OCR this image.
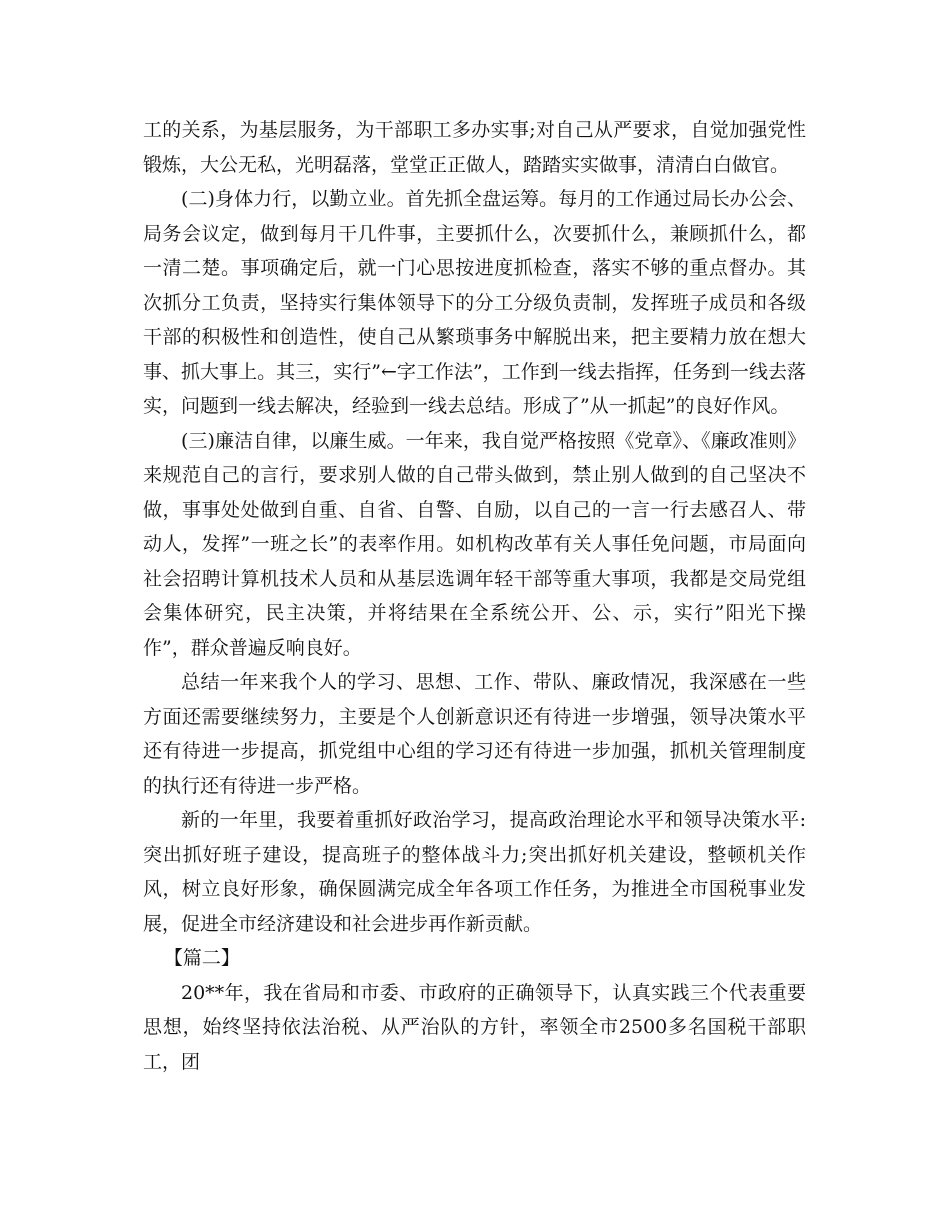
工的关系，为基层服务，为干部职工多办实事;对自己从严要求，自觉加强党性锻炼，大公无私，光明磊落，堂堂正正做人，踏踏实实做事，清清白白做官。

(二)身体力行，以勤立业。首先抓全盘运筹。每月的工作通过局长办公会、局务会议定，做到每月干几件事，主要抓什么，次要抓什么，兼顾抓什么，都一清二楚。事项确定后，就一门心思按进度抓检查，落实不够的重点督办。其次抓分工负责，坚持实行集体领导下的分工分级负责制，发挥班子成员和各级干部的积极性和创造性，使自己从繁琐事务中解脱出来，把主要精力放在想大事、抓大事上。其三，实行”←字工作法”，工作到一线去指挥，任务到一线去落实，问题到一线去解决，经验到一线去总结。形成了”从一抓起”的良好作风。

(三)廉洁自律，以廉生威。一年来，我自觉严格按照《党章》、《廉政准则》来规范自己的言行，要求别人做的自己带头做到，禁止别人做到的自己坚决不做，事事处处做到自重、自省、自警、自励，以自己的一言一行去感召人、带动人，发挥”一班之长”的表率作用。如机构改革有关人事任免问题，市局面向社会招聘计算机技术人员和从基层选调年轻干部等重大事项，我都是交局党组会集体研究，民主决策，并将结果在全系统公开、公、示，实行”阳光下操作”，群众普遍反响良好。

总结一年来我个人的学习、思想、工作、带队、廉政情况，我深感在一些方面还需要继续努力，主要是个人创新意识还有待进一步增强，领导决策水平还有待进一步提高，抓党组中心组的学习还有待进一步加强，抓机关管理制度的执行还有待进一步严格。

新的一年里，我要着重抓好政治学习，提高政治理论水平和领导决策水平:突出抓好班子建设，提高班子的整体战斗力;突出抓好机关建设，整顿机关作风，树立良好形象，确保圆满完成全年各项工作任务，为推进全市国税事业发展，促进全市经济建设和社会进步再作新贡献。

【篇二】

20**年，我在省局和市委、市政府的正确领导下，认真实践三个代表重要思想，始终坚持依法治税、从严治队的方针，率领全市2500多名国税干部职工，团
